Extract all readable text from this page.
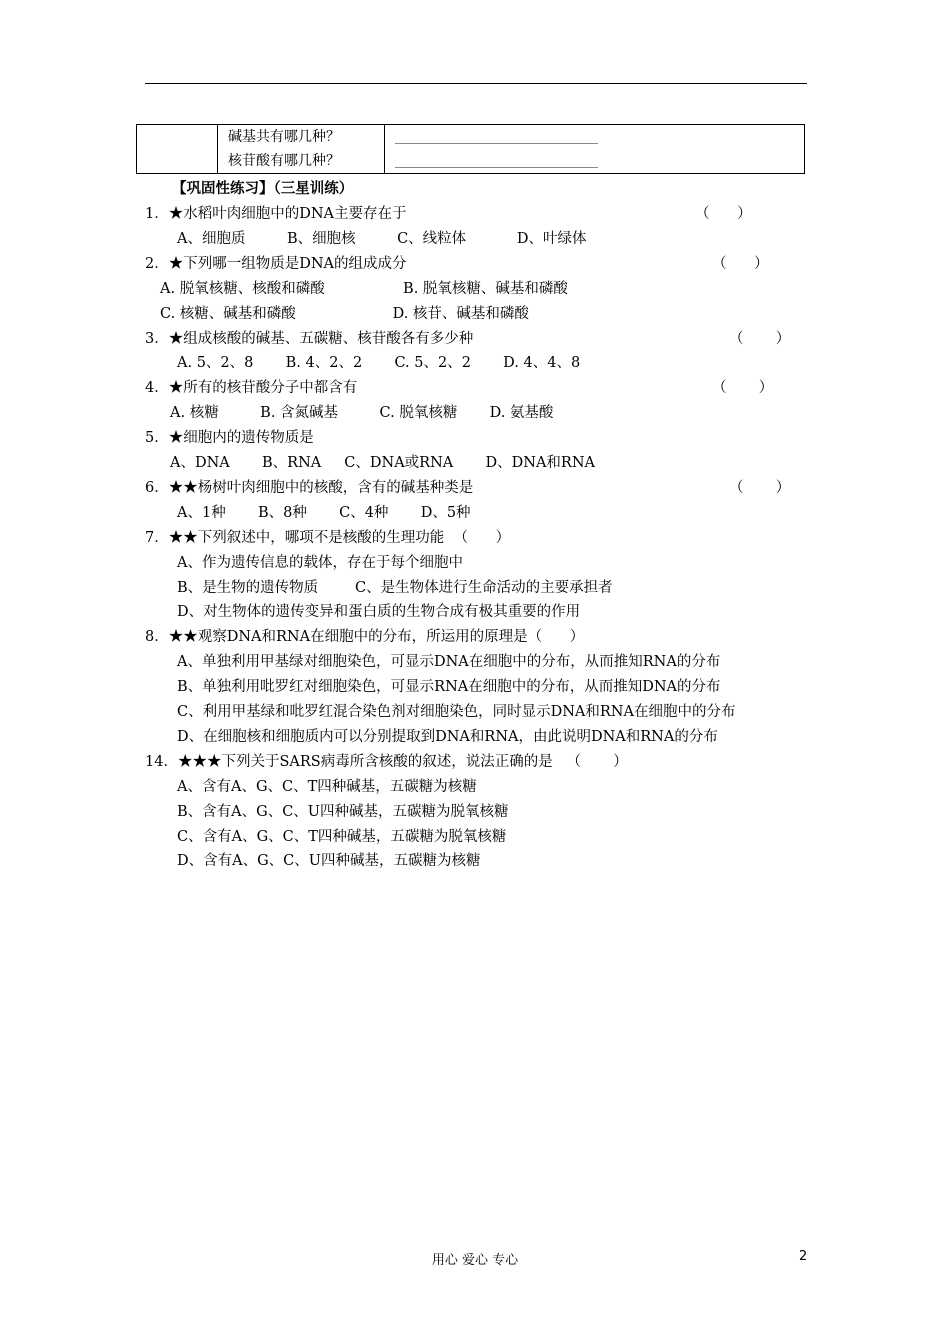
碱基共有哪几种？
核苷酸有哪几种？

【巩固性练习】（三星训练）
1．★水稻叶肉细胞中的DNA主要存在于
A、细胞质         B、细胞核         C、线粒体           D、叶绿体
2．★下列哪一组物质是DNA的组成成分
A. 脱氧核糖、核酸和磷酸                 B. 脱氧核糖、碱基和磷酸
C. 核糖、碱基和磷酸                     D. 核苷、碱基和磷酸
3．★组成核酸的碱基、五碳糖、核苷酸各有多少种
A. 5、2、8       B. 4、2、2       C. 5、2、2       D. 4、4、8
4．★所有的核苷酸分子中都含有
A. 核糖         B. 含氮碱基         C. 脱氧核糖       D. 氨基酸
5．★细胞内的遗传物质是
A、DNA       B、RNA     C、DNA或RNA       D、DNA和RNA
6．★★杨树叶肉细胞中的核酸，含有的碱基种类是
A、1种       B、8种       C、4种       D、5种
7．★★下列叙述中，哪项不是核酸的生理功能  （      ）
A、作为遗传信息的载体，存在于每个细胞中
B、是生物的遗传物质        C、是生物体进行生命活动的主要承担者
D、对生物体的遗传变异和蛋白质的生物合成有极其重要的作用
8．★★观察DNA和RNA在细胞中的分布，所运用的原理是（      ）
A、单独利用甲基绿对细胞染色，可显示DNA在细胞中的分布，从而推知RNA的分布
B、单独利用吡罗红对细胞染色，可显示RNA在细胞中的分布，从而推知DNA的分布
C、利用甲基绿和吡罗红混合染色剂对细胞染色，同时显示DNA和RNA在细胞中的分布
D、在细胞核和细胞质内可以分别提取到DNA和RNA，由此说明DNA和RNA的分布
14．★★★下列关于SARS病毒所含核酸的叙述，说法正确的是   （       ）
A、含有A、G、C、T四种碱基，五碳糖为核糖
B、含有A、G、C、U四种碱基，五碳糖为脱氧核糖
C、含有A、G、C、T四种碱基，五碳糖为脱氧核糖
D、含有A、G、C、U四种碱基，五碳糖为核糖
（      ）
（      ）
（       ）
（       ）
（       ）
用心 爱心 专心	2
